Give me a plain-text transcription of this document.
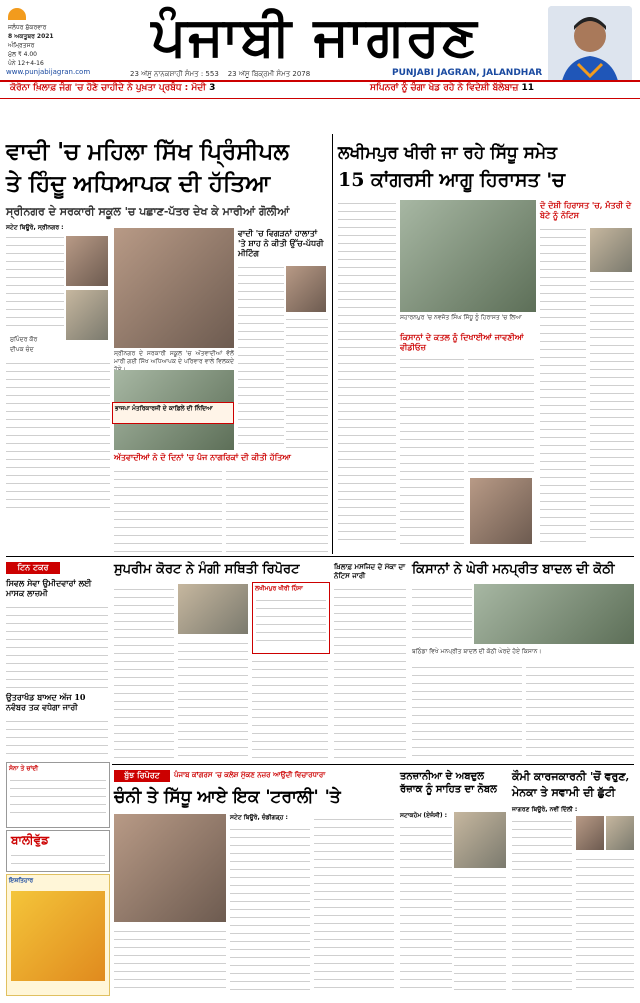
ਜਲੰਧਰ ਸ਼ੁੱਕਰਵਾਰ
8 ਅਕਤੂਬਰ 2021
ਅੰਮ੍ਰਿਤਸਰ
ਮੁੱਲ ₹ 4.00
ਪੰਨੇ 12+4-16	ਪੰਜਾਬੀ ਜਾਗਰਣ
www.punjabijagran.com	23 ਅੱਸੂ ਨਾਨਕਸ਼ਾਹੀ ਸੰਮਤ : 553 23 ਅੱਸੂ ਬਿਕ੍ਰਮੀ ਸੰਮਤ 2078	PUNJABI JAGRAN, JALANDHAR
ਕੋਰੋਨਾ ਖ਼ਿਲਾਫ਼ ਜੰਗ 'ਚ ਹੋਣੇ ਚਾਹੀਦੇ ਨੇ ਪੁਖ਼ਤਾ ਪ੍ਰਬੰਧ : ਮੋਦੀ 3	ਸਪਿਨਰਾਂ ਨੂੰ ਚੰਗਾ ਖੇਡ ਰਹੇ ਨੇ ਵਿਦੇਸ਼ੀ ਬੱਲੇਬਾਜ਼ 11
ਵਾਦੀ 'ਚ ਮਹਿਲਾ ਸਿੱਖ ਪ੍ਰਿੰਸੀਪਲ
ਤੇ ਹਿੰਦੂ ਅਧਿਆਪਕ ਦੀ ਹੱਤਿਆ
ਸ੍ਰੀਨਗਰ ਦੇ ਸਰਕਾਰੀ ਸਕੂਲ 'ਚ ਪਛਾਣ-ਪੱਤਰ ਦੇਖ ਕੇ ਮਾਰੀਆਂ ਗੋਲੀਆਂ
ਸਟੇਟ ਬਿਊਰੋ, ਸ੍ਰੀਨਗਰ :
ਸੁਪਿੰਦਰ ਕੌਰ
ਦੀਪਕ ਚੰਦ
ਸ੍ਰੀਨਗਰ ਦੇ ਸਰਕਾਰੀ ਸਕੂਲ 'ਚ ਅੱਤਵਾਦੀਆਂ ਵੱਲੋਂ ਮਾਰੀ ਗਈ ਸਿੱਖ ਅਧਿਆਪਕ ਦੇ ਪਰਿਵਾਰ ਵਾਲੇ ਵਿਲਕਦੇ
ਅੱਤਵਾਦੀਆਂ ਨੇ ਦੋ ਦਿਨਾਂ 'ਚ ਪੰਜ ਨਾਗਰਿਕਾਂ ਦੀ ਕੀਤੀ ਹੱਤਿਆ
ਵਾਦੀ 'ਚ ਵਿਗੜਨਾਂ ਹਾਲਾਤਾਂ 'ਤੇ ਸ਼ਾਹ ਨੇ ਕੀਤੀ ਉੱਚ-ਪੱਧਰੀ ਮੀਟਿੰਗ
ਭਾਜਪਾ ਮੰਤਰਿਕਾਰਜੀ ਦੇ ਕਾਫ਼ਿਲੇ ਦੀ ਨਿੰਦਿਆ
ਲਖੀਮਪੁਰ ਖੀਰੀ ਜਾ ਰਹੇ ਸਿੱਧੂ ਸਮੇਤ
15 ਕਾਂਗਰਸੀ ਆਗੂ ਹਿਰਾਸਤ 'ਚ
ਸਹਾਰਨਪੁਰ 'ਚ ਨਵਜੋਤ ਸਿੰਘ ਸਿੱਧੂ ਨੂੰ ਹਿਰਾਸਤ 'ਚ ਲਿਆ
ਕਿਸਾਨਾਂ ਦੇ ਕਤਲ ਨੂੰ ਦਿਖਾਈਆਂ ਜਾਵਣੀਆਂ ਵੀਡੀਓਜ਼
ਦੋ ਦੋਸ਼ੀ ਹਿਰਾਸਤ 'ਚ, ਮੰਤਰੀ ਦੇ ਬੇਟੇ ਨੂੰ ਨੋਟਿਸ
ਟਿਨ ਟਕਰ
ਸਿਵਲ ਸੇਵਾ ਉਮੀਦਵਾਰਾਂ ਲਈ ਮਾਸਕ ਲਾਜ਼ਮੀ
ਉਤਰਾਖੰਡ ਬਾਅਦ ਅੱਜ 10 ਨਵੰਬਰ ਤਕ ਵਧੇਗਾ ਜਾਰੀ
ਸੁਪਰੀਮ ਕੋਰਟ ਨੇ ਮੰਗੀ ਸਥਿਤੀ ਰਿਪੋਰਟ
ਲਖੀਮਪੁਰ ਖੀਰੀ ਹਿੰਸਾ
ਖ਼ਿਲਾਫ਼ ਮਸਜਿਦ ਦੇ ਮੱਕਾ ਦਾ ਨੋਟਿਸ ਜਾਰੀ	ਕਿਸਾਨਾਂ ਨੇ ਘੇਰੀ ਮਨਪ੍ਰੀਤ ਬਾਦਲ ਦੀ ਕੋਠੀ
ਬਠਿੰਡਾ ਵਿਖੇ ਮਨਪ੍ਰੀਤ ਬਾਦਲ ਦੀ ਕੋਠੀ ਘੇਰਦੇ ਹੋਏ ਕਿਸਾਨ।
ਸੋਨਾ ਤੇ ਚਾਂਦੀ
ਬਾਲੀਵੁੱਡ
ਇਸ਼ਤਿਹਾਰ
ਬੁੱਝ ਰਿਪੋਰਟ	ਪੰਜਾਬ ਕਾਂਗਰਸ 'ਚ ਕਲੇਸ਼ ਮੁੱਕਣ ਨਜ਼ਰ ਆਉਂਦੀ ਵਿਚਾਰਧਾਰਾ
ਚੰਨੀ ਤੇ ਸਿੱਧੂ ਆਏ ਇਕ 'ਟਰਾਲੀ' 'ਤੇ
ਸਟੇਟ ਬਿਊਰੋ, ਚੰਡੀਗੜ੍ਹ :
ਤਨਜ਼ਾਨੀਆ ਦੇ ਅਬਦੁਲ ਰੱਜ਼ਾਕ ਨੂੰ ਸਾਹਿਤ ਦਾ ਨੋਬਲ
ਸਟਾਕਹੋਮ (ਏਜੰਸੀ) :
ਕੌਮੀ ਕਾਰਜਕਾਰਨੀ 'ਚੋਂ ਵਰੁਣ,
ਮੇਨਕਾ ਤੇ ਸਵਾਮੀ ਦੀ ਛੁੱਟੀ
ਜਾਗਰਣ ਬਿਊਰੋ, ਨਵੀਂ ਦਿੱਲੀ :
